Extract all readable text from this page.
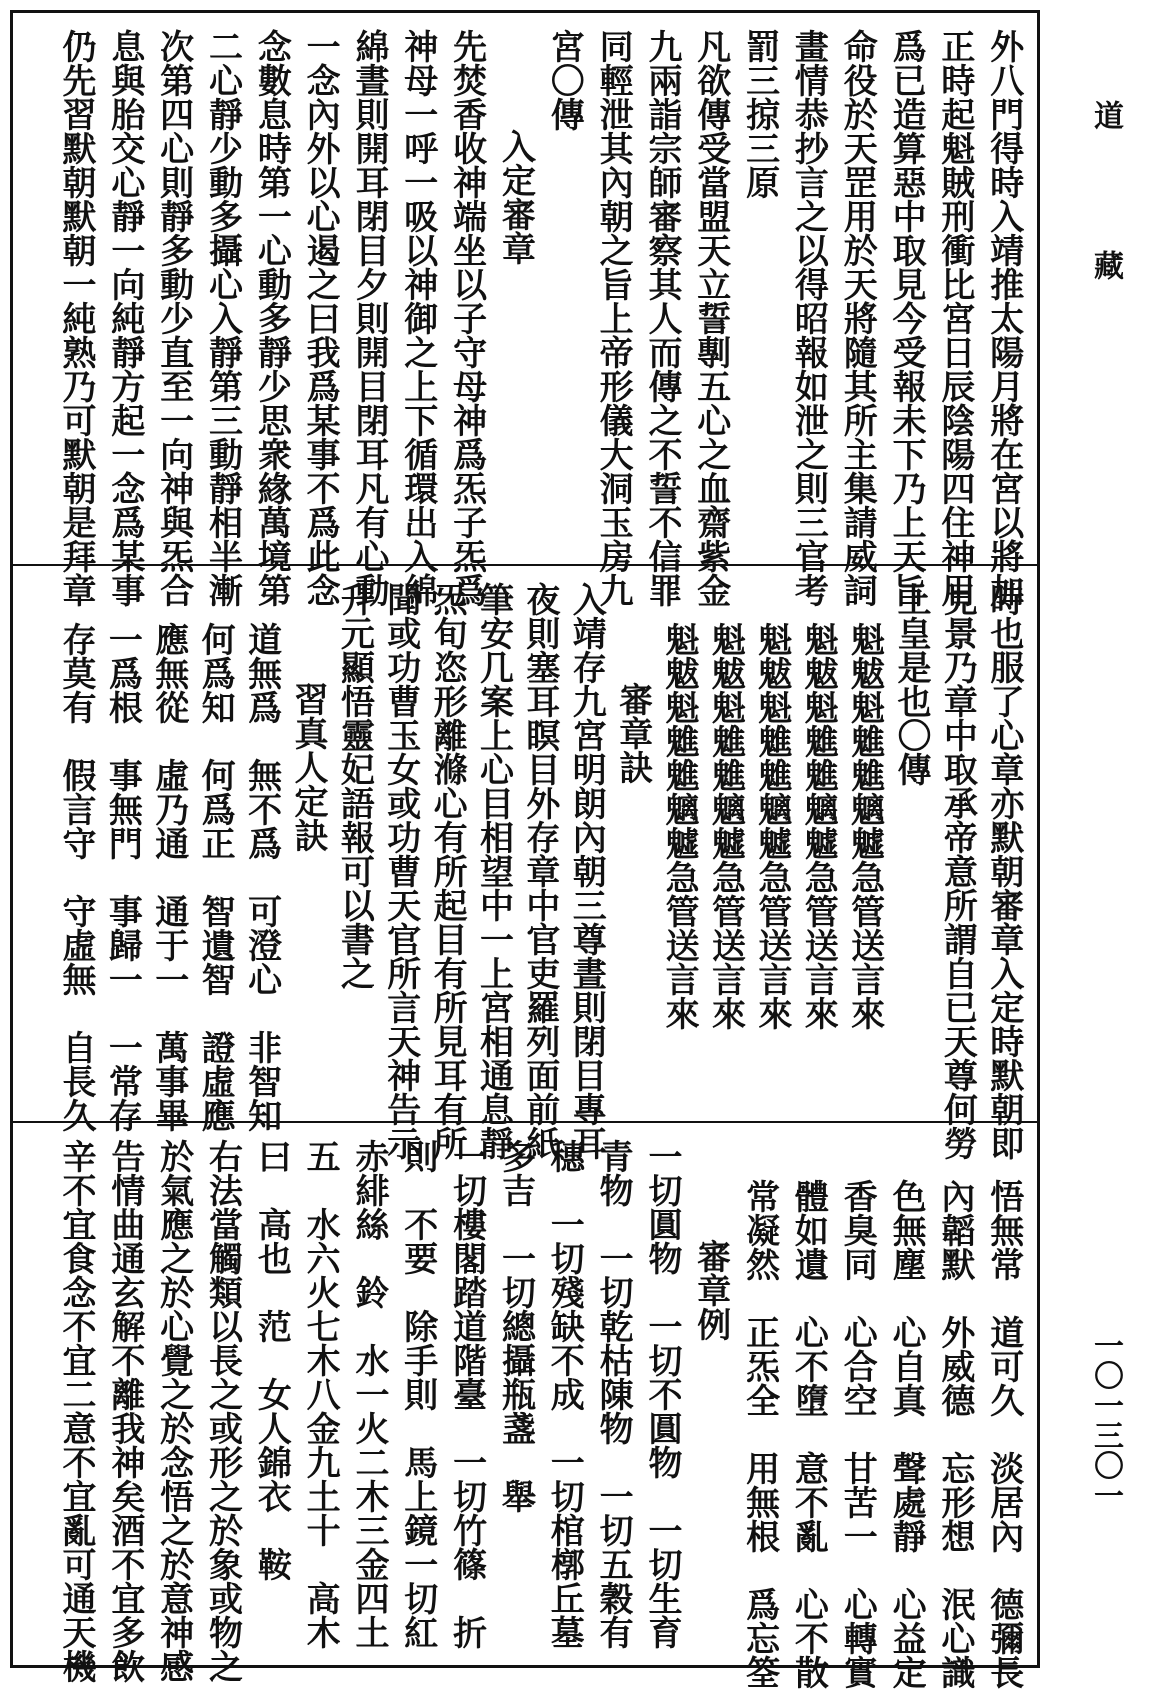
外八門得時入靖推太陽月將在宮以將加
正時起魁賊刑衝比宮日辰陰陽四住神用
爲已造算惡中取見今受報未下乃上天旨
命役於天罡用於天將隨其所主集請威詞
畫情恭抄言之以得昭報如泄之則三官考
罰三掠三原
凡欲傳受當盟天立誓剸五心之血齋紫金
九兩詣宗師審察其人而傳之不誓不信罪
同輕泄其內朝之旨上帝形儀大洞玉房九
宮〇傳
入定審章
先焚香收神端坐以子守母神爲炁子炁爲
神母一呼一吸以神御之上下循環出入綿
綿晝則開耳閉目夕則開目閉耳凡有心動
一念內外以心遏之曰我爲某事不爲此念
念數息時第一心動多靜少思衆緣萬境第
二心靜少動多攝心入靜第三動靜相半漸
次第四心則靜多動少直至一向神與炁合
息與胎交心靜一向純靜方起一念爲某事
仍先習默朝默朝一純熟乃可默朝是拜章
時也服了心章亦默朝審章入定時默朝即
見景乃章中取承帝意所謂自已天尊何勞
上皇是也〇傳
魁魃魁魋魋魑魖急管送言來
魁魃魁魋魋魑魖急管送言來
魁魃魁魋魋魑魖急管送言來
魁魃魁魋魋魑魖急管送言來
魁魃魁魋魋魑魖急管送言來
審章訣
入靖存九宮明朗內朝三尊晝則閉目專耳
夜則塞耳瞑目外存章中官吏羅列面前紙
筆安几案上心目相望中一上宮相通息靜
炁旬恣形離滌心有所起目有所見耳有所
聞或功曹玉女或功曹天官所言天神告示
升元顯悟靈妃語報可以書之
習真人定訣
道無爲　無不爲　可澄心　非智知
何爲知　何爲正　智遺智　證虛應
應無從　虛乃通　通于一　萬事畢
一爲根　事無門　事歸一　一常存
存莫有　假言守　守虛無　自長久
悟無常　道可久　淡居內　德彌長
內韜默　外威德　忘形想　泯心識
色無塵　心自真　聲處靜　心益定
香臭同　心合空　甘苦一　心轉實
體如遺　心不墮　意不亂　心不散
常凝然　正炁全　用無根　爲忘筌
審章例
一切圓物　一切不圓物　一切生育
青物　一切乾枯陳物　一切五穀有
穗　一切殘缺不成　一切棺槨丘墓
多吉　一切總攝瓶盞　舉
一切樓閣踏道階臺　一切竹篠　折
則　不要　除手則　馬上鏡一切紅
赤緋絲　鈴　水一火二木三金四土
五　水六火七木八金九土十　高木
曰　高也　范　女人錦衣　鞍
右法當觸類以長之或形之於象或物之
於氣應之於心覺之於念悟之於意神感
告情曲通玄解不離我神矣酒不宜多飲
辛不宜食念不宜二意不宜亂可通天機
道藏
一〇一三〇一
